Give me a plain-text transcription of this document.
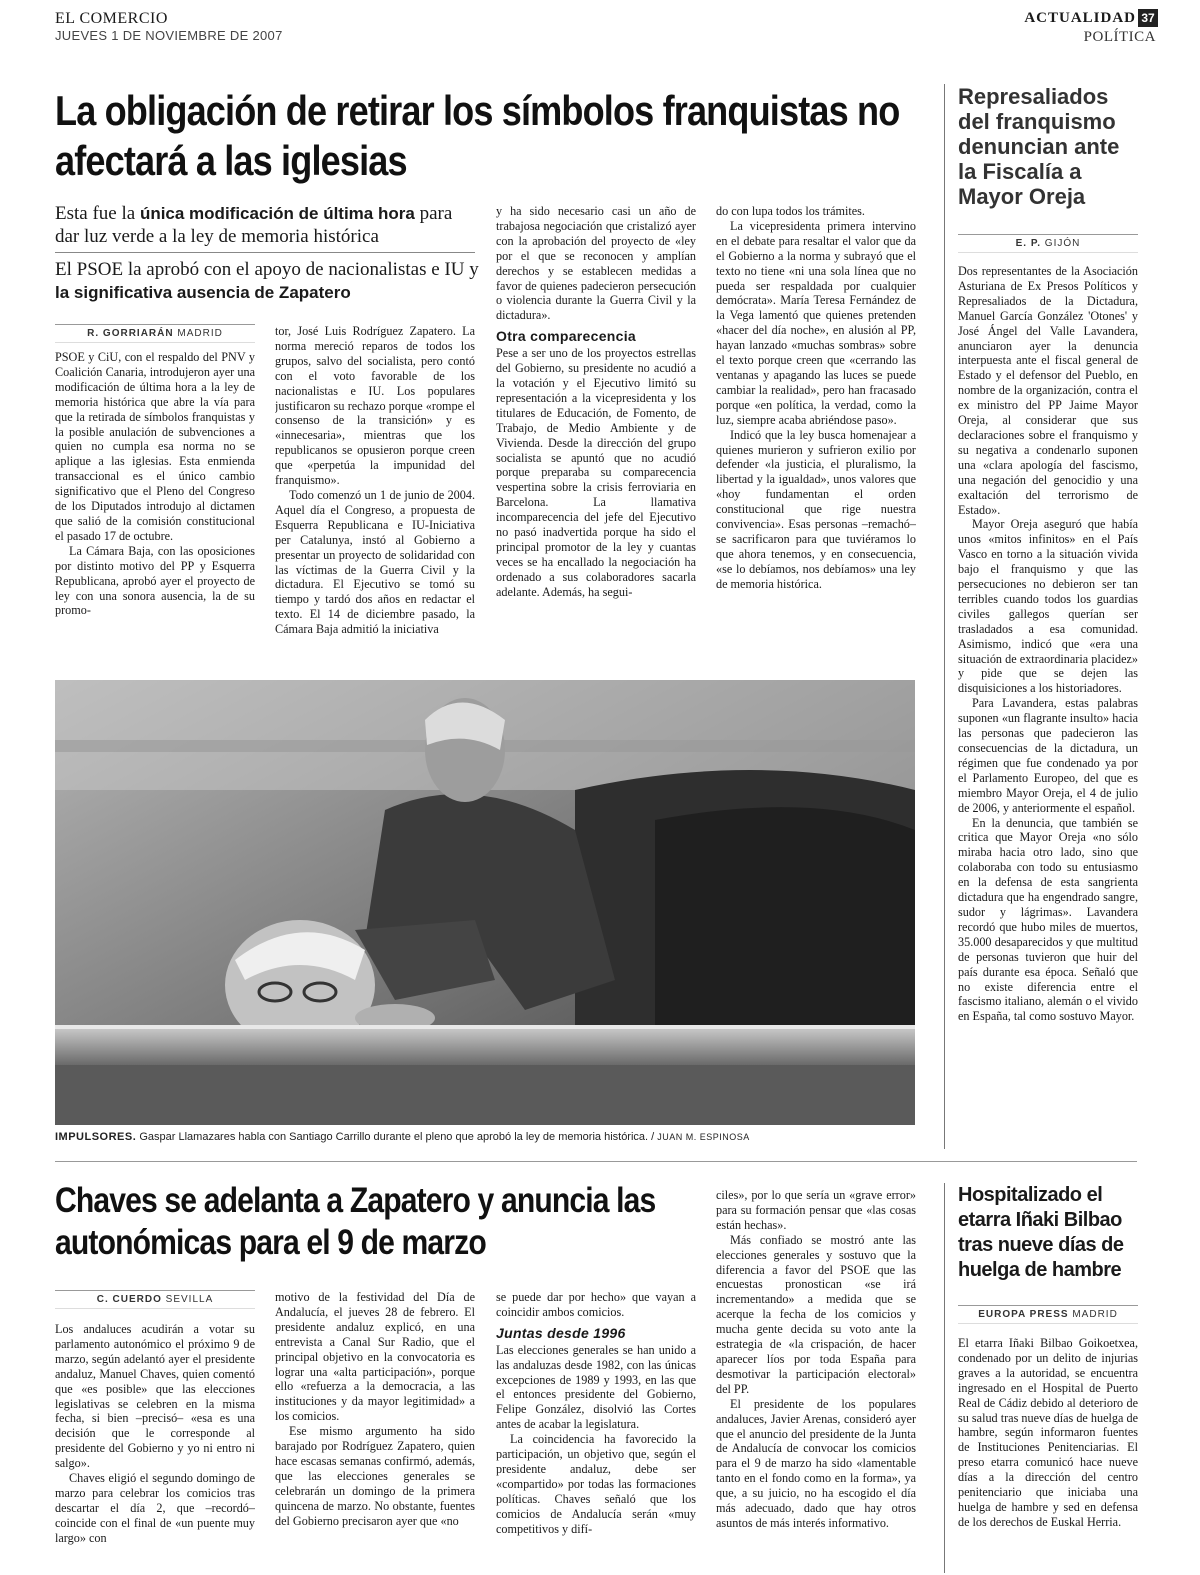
EL COMERCIO
JUEVES 1 DE NOVIEMBRE DE 2007
ACTUALIDAD 37
POLÍTICA
La obligación de retirar los símbolos franquistas no afectará a las iglesias
Esta fue la única modificación de última hora para dar luz verde a la ley de memoria histórica
El PSOE la aprobó con el apoyo de nacionalistas e IU y la significativa ausencia de Zapatero
R. GORRIARÁN MADRID

PSOE y CiU, con el respaldo del PNV y Coalición Canaria, introdujeron ayer una modificación de última hora a la ley de memoria histórica que abre la vía para que la retirada de símbolos franquistas y la posible anulación de subvenciones a quien no cumpla esa norma no se aplique a las iglesias. Esta enmienda transaccional es el único cambio significativo que el Pleno del Congreso de los Diputados introdujo al dictamen que salió de la comisión constitucional el pasado 17 de octubre.

La Cámara Baja, con las oposiciones por distinto motivo del PP y Esquerra Republicana, aprobó ayer el proyecto de ley con una sonora ausencia, la de su promo-

tor, José Luis Rodríguez Zapatero. La norma mereció reparos de todos los grupos, salvo del socialista, pero contó con el voto favorable de los nacionalistas e IU. Los populares justificaron su rechazo porque «rompe el consenso de la transición» y es «innecesaria», mientras que los republicanos se opusieron porque creen que «perpetúa la impunidad del franquismo».

Todo comenzó un 1 de junio de 2004. Aquel día el Congreso, a propuesta de Esquerra Republicana e IU-Iniciativa per Catalunya, instó al Gobierno a presentar un proyecto de solidaridad con las víctimas de la Guerra Civil y la dictadura. El Ejecutivo se tomó su tiempo y tardó dos años en redactar el texto. El 14 de diciembre pasado, la Cámara Baja admitió la iniciativa

y ha sido necesario casi un año de trabajosa negociación que cristalizó ayer con la aprobación del proyecto de «ley por el que se reconocen y amplían derechos y se establecen medidas a favor de quienes padecieron persecución o violencia durante la Guerra Civil y la dictadura».

Otra comparecencia

Pese a ser uno de los proyectos estrellas del Gobierno, su presidente no acudió a la votación y el Ejecutivo limitó su representación a la vicepresidenta y los titulares de Educación, de Fomento, de Trabajo, de Medio Ambiente y de Vivienda. Desde la dirección del grupo socialista se apuntó que no acudió porque preparaba su comparecencia vespertina sobre la crisis ferroviaria en Barcelona. La llamativa incomparecencia del jefe del Ejecutivo no pasó inadvertida porque ha sido el principal promotor de la ley y cuantas veces se ha encallado la negociación ha ordenado a sus colaboradores sacarla adelante. Además, ha segui-

do con lupa todos los trámites.

La vicepresidenta primera intervino en el debate para resaltar el valor que da el Gobierno a la norma y subrayó que el texto no tiene «ni una sola línea que no pueda ser respaldada por cualquier demócrata». María Teresa Fernández de la Vega lamentó que quienes pretenden «hacer del día noche», en alusión al PP, hayan lanzado «muchas sombras» sobre el texto porque creen que «cerrando las ventanas y apagando las luces se puede cambiar la realidad», pero han fracasado porque «en política, la verdad, como la luz, siempre acaba abriéndose paso».

Indicó que la ley busca homenajear a quienes murieron y sufrieron exilio por defender «la justicia, el pluralismo, la libertad y la igualdad», unos valores que «hoy fundamentan el orden constitucional que rige nuestra convivencia». Esas personas –remachó– se sacrificaron para que tuviéramos lo que ahora tenemos, y en consecuencia, «se lo debíamos, nos debíamos» una ley de memoria histórica.

IMPULSORES. Gaspar Llamazares habla con Santiago Carrillo durante el pleno que aprobó la ley de memoria histórica. / JUAN M. ESPINOSA
Represaliados del franquismo denuncian ante la Fiscalía a Mayor Oreja
E. P. GIJÓN

Dos representantes de la Asociación Asturiana de Ex Presos Políticos y Represaliados de la Dictadura, Manuel García González 'Otones' y José Ángel del Valle Lavandera, anunciaron ayer la denuncia interpuesta ante el fiscal general de Estado y el defensor del Pueblo, en nombre de la organización, contra el ex ministro del PP Jaime Mayor Oreja, al considerar que sus declaraciones sobre el franquismo y su negativa a condenarlo suponen una «clara apología del fascismo, una negación del genocidio y una exaltación del terrorismo de Estado».

Mayor Oreja aseguró que había unos «mitos infinitos» en el País Vasco en torno a la situación vivida bajo el franquismo y que las persecuciones no debieron ser tan terribles cuando todos los guardias civiles gallegos querían ser trasladados a esa comunidad. Asimismo, indicó que «era una situación de extraordinaria placidez» y pide que se dejen las disquisiciones a los historiadores.

Para Lavandera, estas palabras suponen «un flagrante insulto» hacia las personas que padecieron las consecuencias de la dictadura, un régimen que fue condenado ya por el Parlamento Europeo, del que es miembro Mayor Oreja, el 4 de julio de 2006, y anteriormente el español.

En la denuncia, que también se critica que Mayor Oreja «no sólo miraba hacia otro lado, sino que colaboraba con todo su entusiasmo en la defensa de esta sangrienta dictadura que ha engendrado sangre, sudor y lágrimas». Lavandera recordó que hubo miles de muertos, 35.000 desaparecidos y que multitud de personas tuvieron que huir del país durante esa época. Señaló que no existe diferencia entre el fascismo italiano, alemán o el vivido en España, tal como sostuvo Mayor.

Chaves se adelanta a Zapatero y anuncia las autonómicas para el 9 de marzo
C. CUERDO SEVILLA

Los andaluces acudirán a votar su parlamento autonómico el próximo 9 de marzo, según adelantó ayer el presidente andaluz, Manuel Chaves, quien comentó que «es posible» que las elecciones legislativas se celebren en la misma fecha, si bien –precisó– «esa es una decisión que le corresponde al presidente del Gobierno y yo ni entro ni salgo».

Chaves eligió el segundo domingo de marzo para celebrar los comicios tras descartar el día 2, que –recordó– coincide con el final de «un puente muy largo» con

motivo de la festividad del Día de Andalucía, el jueves 28 de febrero. El presidente andaluz explicó, en una entrevista a Canal Sur Radio, que el principal objetivo en la convocatoria es lograr una «alta participación», porque ello «refuerza a la democracia, a las instituciones y da mayor legitimidad» a los comicios.

Ese mismo argumento ha sido barajado por Rodríguez Zapatero, quien hace escasas semanas confirmó, además, que las elecciones generales se celebrarán un domingo de la primera quincena de marzo. No obstante, fuentes del Gobierno precisaron ayer que «no

se puede dar por hecho» que vayan a coincidir ambos comicios.

Juntas desde 1996

Las elecciones generales se han unido a las andaluzas desde 1982, con las únicas excepciones de 1989 y 1993, en las que el entonces presidente del Gobierno, Felipe González, disolvió las Cortes antes de acabar la legislatura.

La coincidencia ha favorecido la participación, un objetivo que, según el presidente andaluz, debe ser «compartido» por todas las formaciones políticas. Chaves señaló que los comicios de Andalucía serán «muy competitivos y difí-

ciles», por lo que sería un «grave error» para su formación pensar que «las cosas están hechas».

Más confiado se mostró ante las elecciones generales y sostuvo que la diferencia a favor del PSOE que las encuestas pronostican «se irá incrementando» a medida que se acerque la fecha de los comicios y mucha gente decida su voto ante la estrategia de «la crispación, de hacer aparecer líos por toda España para desmotivar la participación electoral» del PP.

El presidente de los populares andaluces, Javier Arenas, consideró ayer que el anuncio del presidente de la Junta de Andalucía de convocar los comicios para el 9 de marzo ha sido «lamentable tanto en el fondo como en la forma», ya que, a su juicio, no ha escogido el día más adecuado, dado que hay otros asuntos de más interés informativo.

Hospitalizado el etarra Iñaki Bilbao tras nueve días de huelga de hambre
EUROPA PRESS MADRID

El etarra Iñaki Bilbao Goikoetxea, condenado por un delito de injurias graves a la autoridad, se encuentra ingresado en el Hospital de Puerto Real de Cádiz debido al deterioro de su salud tras nueve días de huelga de hambre, según informaron fuentes de Instituciones Penitenciarias. El preso etarra comunicó hace nueve días a la dirección del centro penitenciario que iniciaba una huelga de hambre y sed en defensa de los derechos de Euskal Herria.
